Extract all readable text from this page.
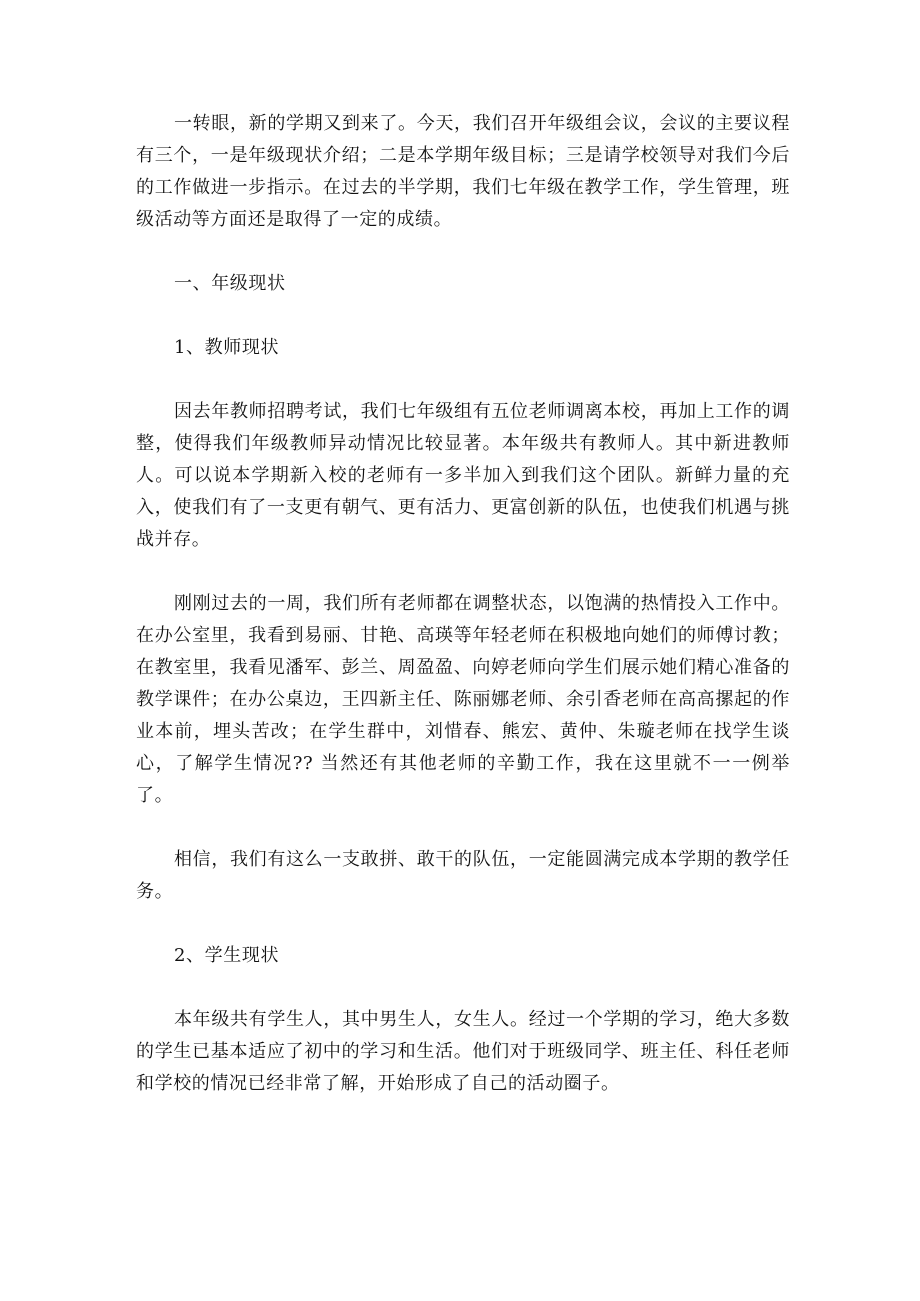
一转眼，新的学期又到来了。今天，我们召开年级组会议，会议的主要议程有三个，一是年级现状介绍；二是本学期年级目标；三是请学校领导对我们今后的工作做进一步指示。在过去的半学期，我们七年级在教学工作，学生管理，班级活动等方面还是取得了一定的成绩。

一、年级现状

1、教师现状

因去年教师招聘考试，我们七年级组有五位老师调离本校，再加上工作的调整，使得我们年级教师异动情况比较显著。本年级共有教师人。其中新进教师人。可以说本学期新入校的老师有一多半加入到我们这个团队。新鲜力量的充入，使我们有了一支更有朝气、更有活力、更富创新的队伍，也使我们机遇与挑战并存。

刚刚过去的一周，我们所有老师都在调整状态，以饱满的热情投入工作中。在办公室里，我看到易丽、甘艳、高瑛等年轻老师在积极地向她们的师傅讨教；在教室里，我看见潘军、彭兰、周盈盈、向婷老师向学生们展示她们精心准备的教学课件；在办公桌边，王四新主任、陈丽娜老师、余引香老师在高高摞起的作业本前，埋头苦改；在学生群中，刘惜春、熊宏、黄仲、朱璇老师在找学生谈心，了解学生情况?? 当然还有其他老师的辛勤工作，我在这里就不一一例举了。

相信，我们有这么一支敢拼、敢干的队伍，一定能圆满完成本学期的教学任务。

2、学生现状

本年级共有学生人，其中男生人，女生人。经过一个学期的学习，绝大多数的学生已基本适应了初中的学习和生活。他们对于班级同学、班主任、科任老师和学校的情况已经非常了解，开始形成了自己的活动圈子。
